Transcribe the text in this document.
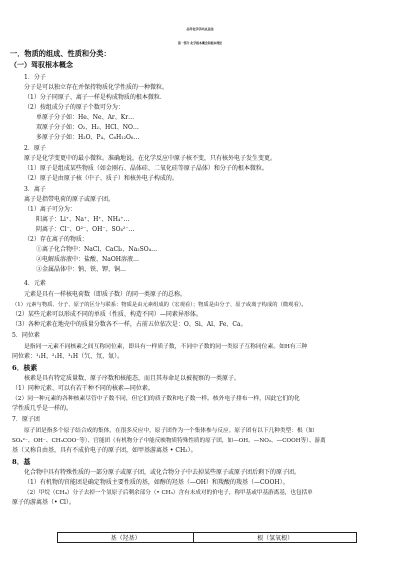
高考化学学问点总结
第一部分 化学根本概念和根本理论
一．物质的组成、性质和分类：
（一）驾驭根本概念
1．分子
分子是可以独立存在并保持物质化学性质的一种微粒。
（1）分子同原子、离子一样是构成物质的根本微粒．
（2）按组成分子的原子个数可分为：
单原子分子如：He、Ne、Ar、Kr…
双原子分子如：O₂、H₂、HCl、NO…
多原子分子如：H₂O、P₄、C₆H₁₂O₆…
2．原子
原子是化学变更中的最小微粒。准确地说，在化学反应中原子核不变，只有核外电子发生变更。
（1）原子是组成某些物质（如金刚石、晶体硅、二氧化硅等原子晶体）和分子的根本微粒。
（2）原子是由原子核（中子、质子）和核外电子构成的。
3．离子
离子是指带电荷的原子或原子团。
（1）离子可分为：
阳离子：Li⁺、Na⁺、H⁺、NH₄⁺…
阴离子：Cl⁻、O²⁻、OH⁻、SO₄²⁻…
（2）存在离子的物质：
①离子化合物中：NaCl、CaCl₂、Na₂SO₄…
②电解质溶液中：盐酸、NaOH溶液…
③金属晶体中：钠、铁、钾、铜…
4．元素
元素是具有一样核电荷数（即质子数）的同一类原子的总称。
（1）元素与物质、分子、原子的区分与联系：物质是由元素组成的（宏观看）；物质是由分子、原子或离子构成的（微观看）。
（2）某些元素可以形成不同的单质（性质、构造不同）—同素异形体。
（3）各种元素在地壳中的质量分数各不一样，占前五位依次是：O、Si、Al、Fe、Ca。
5．同位素
是指同一元素不同核素之间互称同位素，即具有一样质子数，不同中子数的同一类原子互称同位素。如H有三种
同位素：¹₁H、²₁H、³₁H（氕、氘、氚）。
6．核素
核素是具有特定质量数、原子序数和核能态，而且其寿命足以被视察的一类原子。
（1）同种元素、可以有若干种不同的核素—同位素。
（2）同一种元素的各种核素尽管中子数不同，但它们的质子数和电子数一样。核外电子排布一样，因此它们的化
学性质几乎是一样的。
7．原子团
原子团是指多个原子结合成的集体，在很多反应中，原子团作为一个集体参与反应。原子团有以下几种类型：根（如
SO₄²⁻、OH⁻、CH₃COO⁻等）、官能团（有机物分子中能反映物质特殊性质的原子团，如—OH、—NO₂、—COOH等）、游离
基（又称自由基，具有不成价电子的原子团，如甲基游离基 • CH₃）。
8．基
化合物中具有特殊性质的一部分原子或原子团，或化合物分子中去掉某些原子或原子团后剩下的原子团。
（1）有机物的官能团是确定物质主要性质的基，如醇的羟基（—OH）和羧酸的羧基（—COOH）。
（2）甲烷（CH₄）分子去掉一个氢原子后剩余部分（• CH₃）含有未成对的价电子，称甲基或甲基游离基，也包括单
原子的游离基（• Cl）。
基（羟基）	根（氢氧根）
